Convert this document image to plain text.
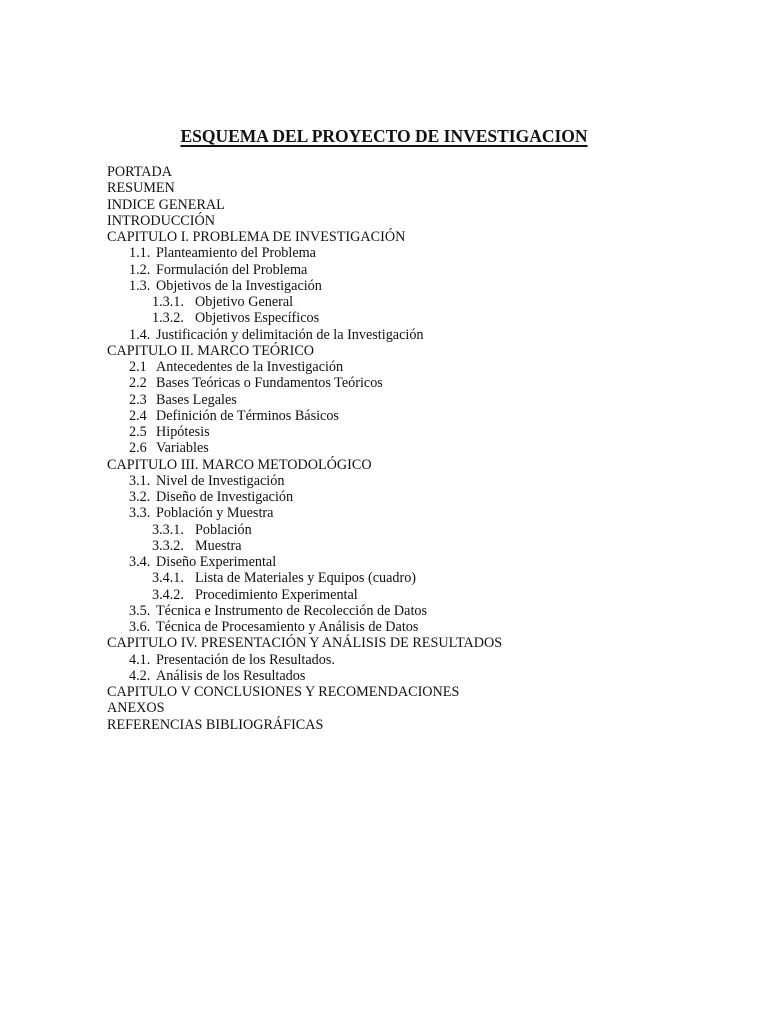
ESQUEMA DEL PROYECTO DE INVESTIGACION
PORTADA
RESUMEN
INDICE GENERAL
INTRODUCCIÓN
CAPITULO I. PROBLEMA DE INVESTIGACIÓN
1.1. Planteamiento del Problema
1.2. Formulación del Problema
1.3. Objetivos de la Investigación
1.3.1. Objetivo General
1.3.2. Objetivos Específicos
1.4. Justificación y delimitación de la Investigación
CAPITULO II. MARCO TEÓRICO
2.1 Antecedentes de la Investigación
2.2 Bases Teóricas o Fundamentos Teóricos
2.3 Bases Legales
2.4 Definición de Términos Básicos
2.5 Hipótesis
2.6 Variables
CAPITULO III. MARCO METODOLÓGICO
3.1. Nivel de Investigación
3.2. Diseño de Investigación
3.3. Población y Muestra
3.3.1. Población
3.3.2. Muestra
3.4. Diseño Experimental
3.4.1. Lista de Materiales y Equipos (cuadro)
3.4.2. Procedimiento Experimental
3.5. Técnica e Instrumento de Recolección de Datos
3.6. Técnica de Procesamiento y Análisis de Datos
CAPITULO IV. PRESENTACIÓN Y ANÁLISIS DE RESULTADOS
4.1. Presentación de los Resultados.
4.2. Análisis de los Resultados
CAPITULO V CONCLUSIONES Y RECOMENDACIONES
ANEXOS
REFERENCIAS BIBLIOGRÁFICAS
